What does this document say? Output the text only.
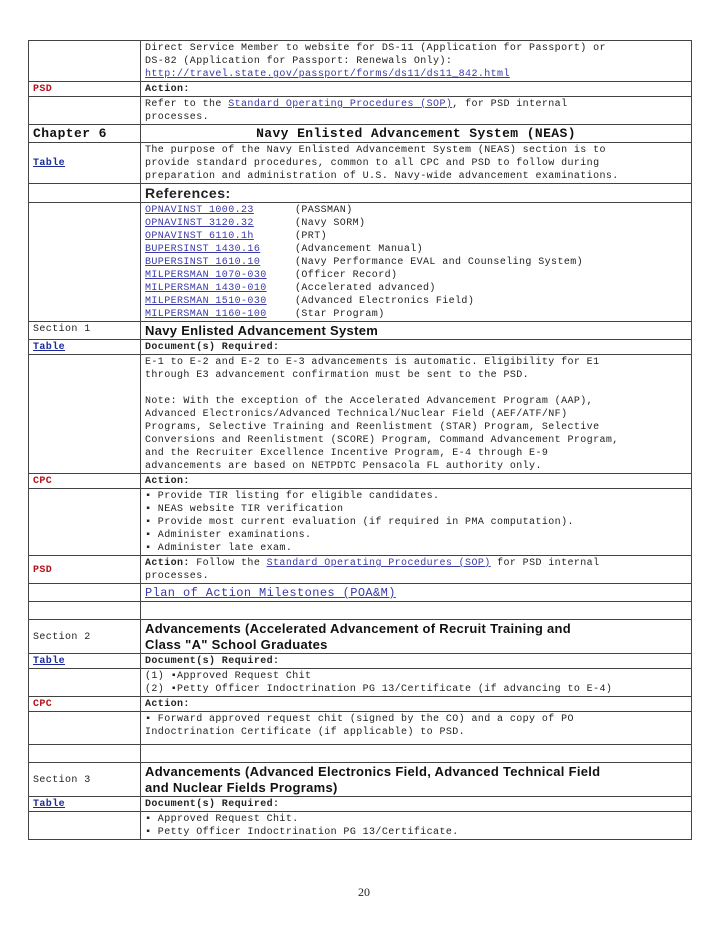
Direct Service Member to website for DS-11 (Application for Passport) or
DS-82 (Application for Passport: Renewals Only):
http://travel.state.gov/passport/forms/ds11/ds11_842.html

PSD	Action:
	Refer to the Standard Operating Procedures (SOP), for PSD internal
processes.
Chapter 6	Navy Enlisted Advancement System (NEAS)
Table	
The purpose of the Navy Enlisted Advancement System (NEAS) section is to
provide standard procedures, common to all CPC and PSD to follow during
preparation and administration of U.S. Navy-wide advancement examinations.

	References:

OPNAVINST 1000.23	(PASSMAN)
OPNAVINST 3120.32	(Navy SORM)
OPNAVINST 6110.1h	(PRT)
BUPERSINST 1430.16	(Advancement Manual)
BUPERSINST 1610.10	(Navy Performance EVAL and Counseling System)
MILPERSMAN 1070-030	(Officer Record)
MILPERSMAN 1430-010	(Accelerated advanced)
MILPERSMAN 1510-030	(Advanced Electronics Field)
MILPERSMAN 1160-100	(Star Program)

Section 1	Navy Enlisted Advancement System
Table	Document(s) Required:

E-1 to E-2 and E-2 to E-3 advancements is automatic. Eligibility for E1
through E3 advancement confirmation must be sent to the PSD.
Note: With the exception of the Accelerated Advancement Program (AAP),
Advanced Electronics/Advanced Technical/Nuclear Field (AEF/ATF/NF)
Programs, Selective Training and Reenlistment (STAR) Program, Selective
Conversions and Reenlistment (SCORE) Program, Command Advancement Program,
and the Recruiter Excellence Incentive Program, E-4 through E-9
advancements are based on NETPDTC Pensacola FL authority only.

CPC	Action:

▪ Provide TIR listing for eligible candidates.
▪ NEAS website TIR verification
▪ Provide most current evaluation (if required in PMA computation).
▪ Administer examinations.
▪ Administer late exam.

PSD	Action: Follow the Standard Operating Procedures (SOP) for PSD internal
processes.
	Plan of Action Milestones (POA&M)

Section 2	
Advancements (Accelerated Advancement of Recruit Training and
Class "A" School Graduates

Table	Document(s) Required:

(1) ▪Approved Request Chit
(2) ▪Petty Officer Indoctrination PG 13/Certificate (if advancing to E-4)

CPC	Action:

▪ Forward approved request chit (signed by the CO) and a copy of PO
Indoctrination Certificate (if applicable) to PSD.

Section 3	
Advancements (Advanced Electronics Field, Advanced Technical Field
and Nuclear Fields Programs)

Table	Document(s) Required:

▪ Approved Request Chit.
▪ Petty Officer Indoctrination PG 13/Certificate.
20
